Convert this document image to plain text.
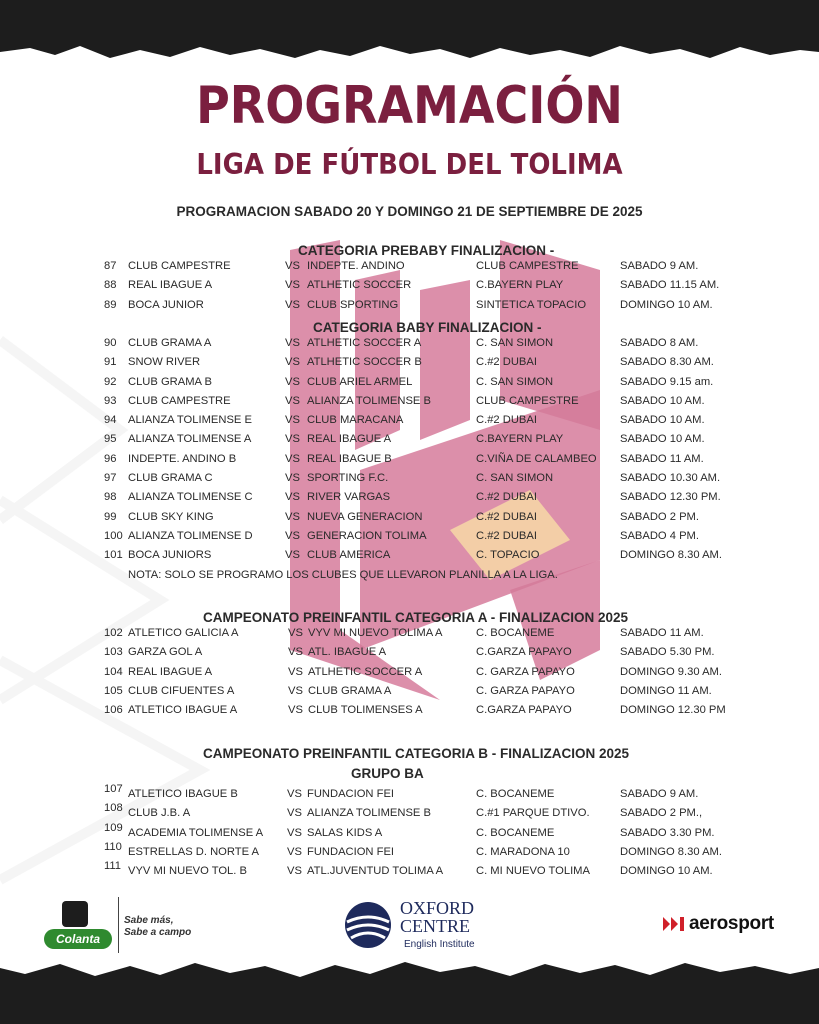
PROGRAMACIÓN
LIGA DE FÚTBOL DEL TOLIMA
PROGRAMACION SABADO 20 Y DOMINGO 21 DE SEPTIEMBRE DE 2025
CATEGORIA PREBABY FINALIZACION -
87 CLUB CAMPESTRE	VS INDEPTE. ANDINO	CLUB CAMPESTRE	SABADO 9 AM.
88 REAL IBAGUE A	VS ATLHETIC SOCCER	C.BAYERN PLAY	SABADO 11.15 AM.
89 BOCA JUNIOR	VS CLUB SPORTING	SINTETICA TOPACIO	DOMINGO 10 AM.
CATEGORIA BABY FINALIZACION -
90 CLUB GRAMA A	VS ATLHETIC SOCCER A	C. SAN SIMON	SABADO 8 AM.
91 SNOW RIVER	VS ATLHETIC SOCCER B	C.#2 DUBAI	SABADO 8.30 AM.
92 CLUB GRAMA B	VS CLUB ARIEL ARMEL	C. SAN SIMON	SABADO 9.15 am.
93 CLUB CAMPESTRE	VS ALIANZA TOLIMENSE B	CLUB CAMPESTRE	SABADO 10 AM.
94 ALIANZA TOLIMENSE E	VS CLUB MARACANA	C.#2 DUBAI	SABADO 10 AM.
95 ALIANZA TOLIMENSE A	VS REAL IBAGUE A	C.BAYERN PLAY	SABADO 10 AM.
96 INDEPTE. ANDINO B	VS REAL IBAGUE B	C.VIÑA DE CALAMBEO SABADO 11 AM.
97 CLUB GRAMA C	VS SPORTING F.C.	C. SAN SIMON	SABADO 10.30 AM.
98 ALIANZA TOLIMENSE C	VS RIVER VARGAS	C.#2 DUBAI	SABADO 12.30 PM.
99 CLUB SKY KING	VS NUEVA GENERACION	C.#2 DUBAI	SABADO 2 PM.
100 ALIANZA TOLIMENSE D	VS GENERACION TOLIMA	C.#2 DUBAI	SABADO 4 PM.
101 BOCA JUNIORS	VS CLUB AMERICA	C. TOPACIO	DOMINGO 8.30 AM.
NOTA: SOLO SE PROGRAMO LOS CLUBES QUE LLEVARON PLANILLA A LA LIGA.
CAMPEONATO PREINFANTIL CATEGORIA A - FINALIZACION 2025
102 ATLETICO GALICIA A	VS VYV MI NUEVO TOLIMA A	C. BOCANEME	SABADO 11 AM.
103 GARZA GOL A	VS ATL. IBAGUE A	C.GARZA PAPAYO	SABADO 5.30 PM.
104 REAL IBAGUE A	VS ATLHETIC SOCCER A	C. GARZA PAPAYO	DOMINGO 9.30 AM.
105 CLUB CIFUENTES A	VS CLUB GRAMA A	C. GARZA PAPAYO	DOMINGO 11 AM.
106 ATLETICO IBAGUE A	VS CLUB TOLIMENSES A	C.GARZA PAPAYO	DOMINGO 12.30 PM
CAMPEONATO PREINFANTIL CATEGORIA B - FINALIZACION 2025
GRUPO BA
107 ATLETICO IBAGUE B	VS FUNDACION FEI	C. BOCANEME	SABADO 9 AM.
108 CLUB J.B. A	VS ALIANZA TOLIMENSE B	C.#1 PARQUE DTIVO.	SABADO 2 PM.,
109 ACADEMIA TOLIMENSE A VS SALAS KIDS A	C. BOCANEME	SABADO 3.30 PM.
110 ESTRELLAS D. NORTE A	VS FUNDACION FEI	C. MARADONA 10	DOMINGO 8.30 AM.
111 VYV MI NUEVO TOL. B	VS ATL.JUVENTUD TOLIMA A	C. MI NUEVO TOLIMA	DOMINGO 10 AM.
Colanta
Sabe más,
Sabe a campo
OXFORD
CENTRE
English Institute
aerosport
